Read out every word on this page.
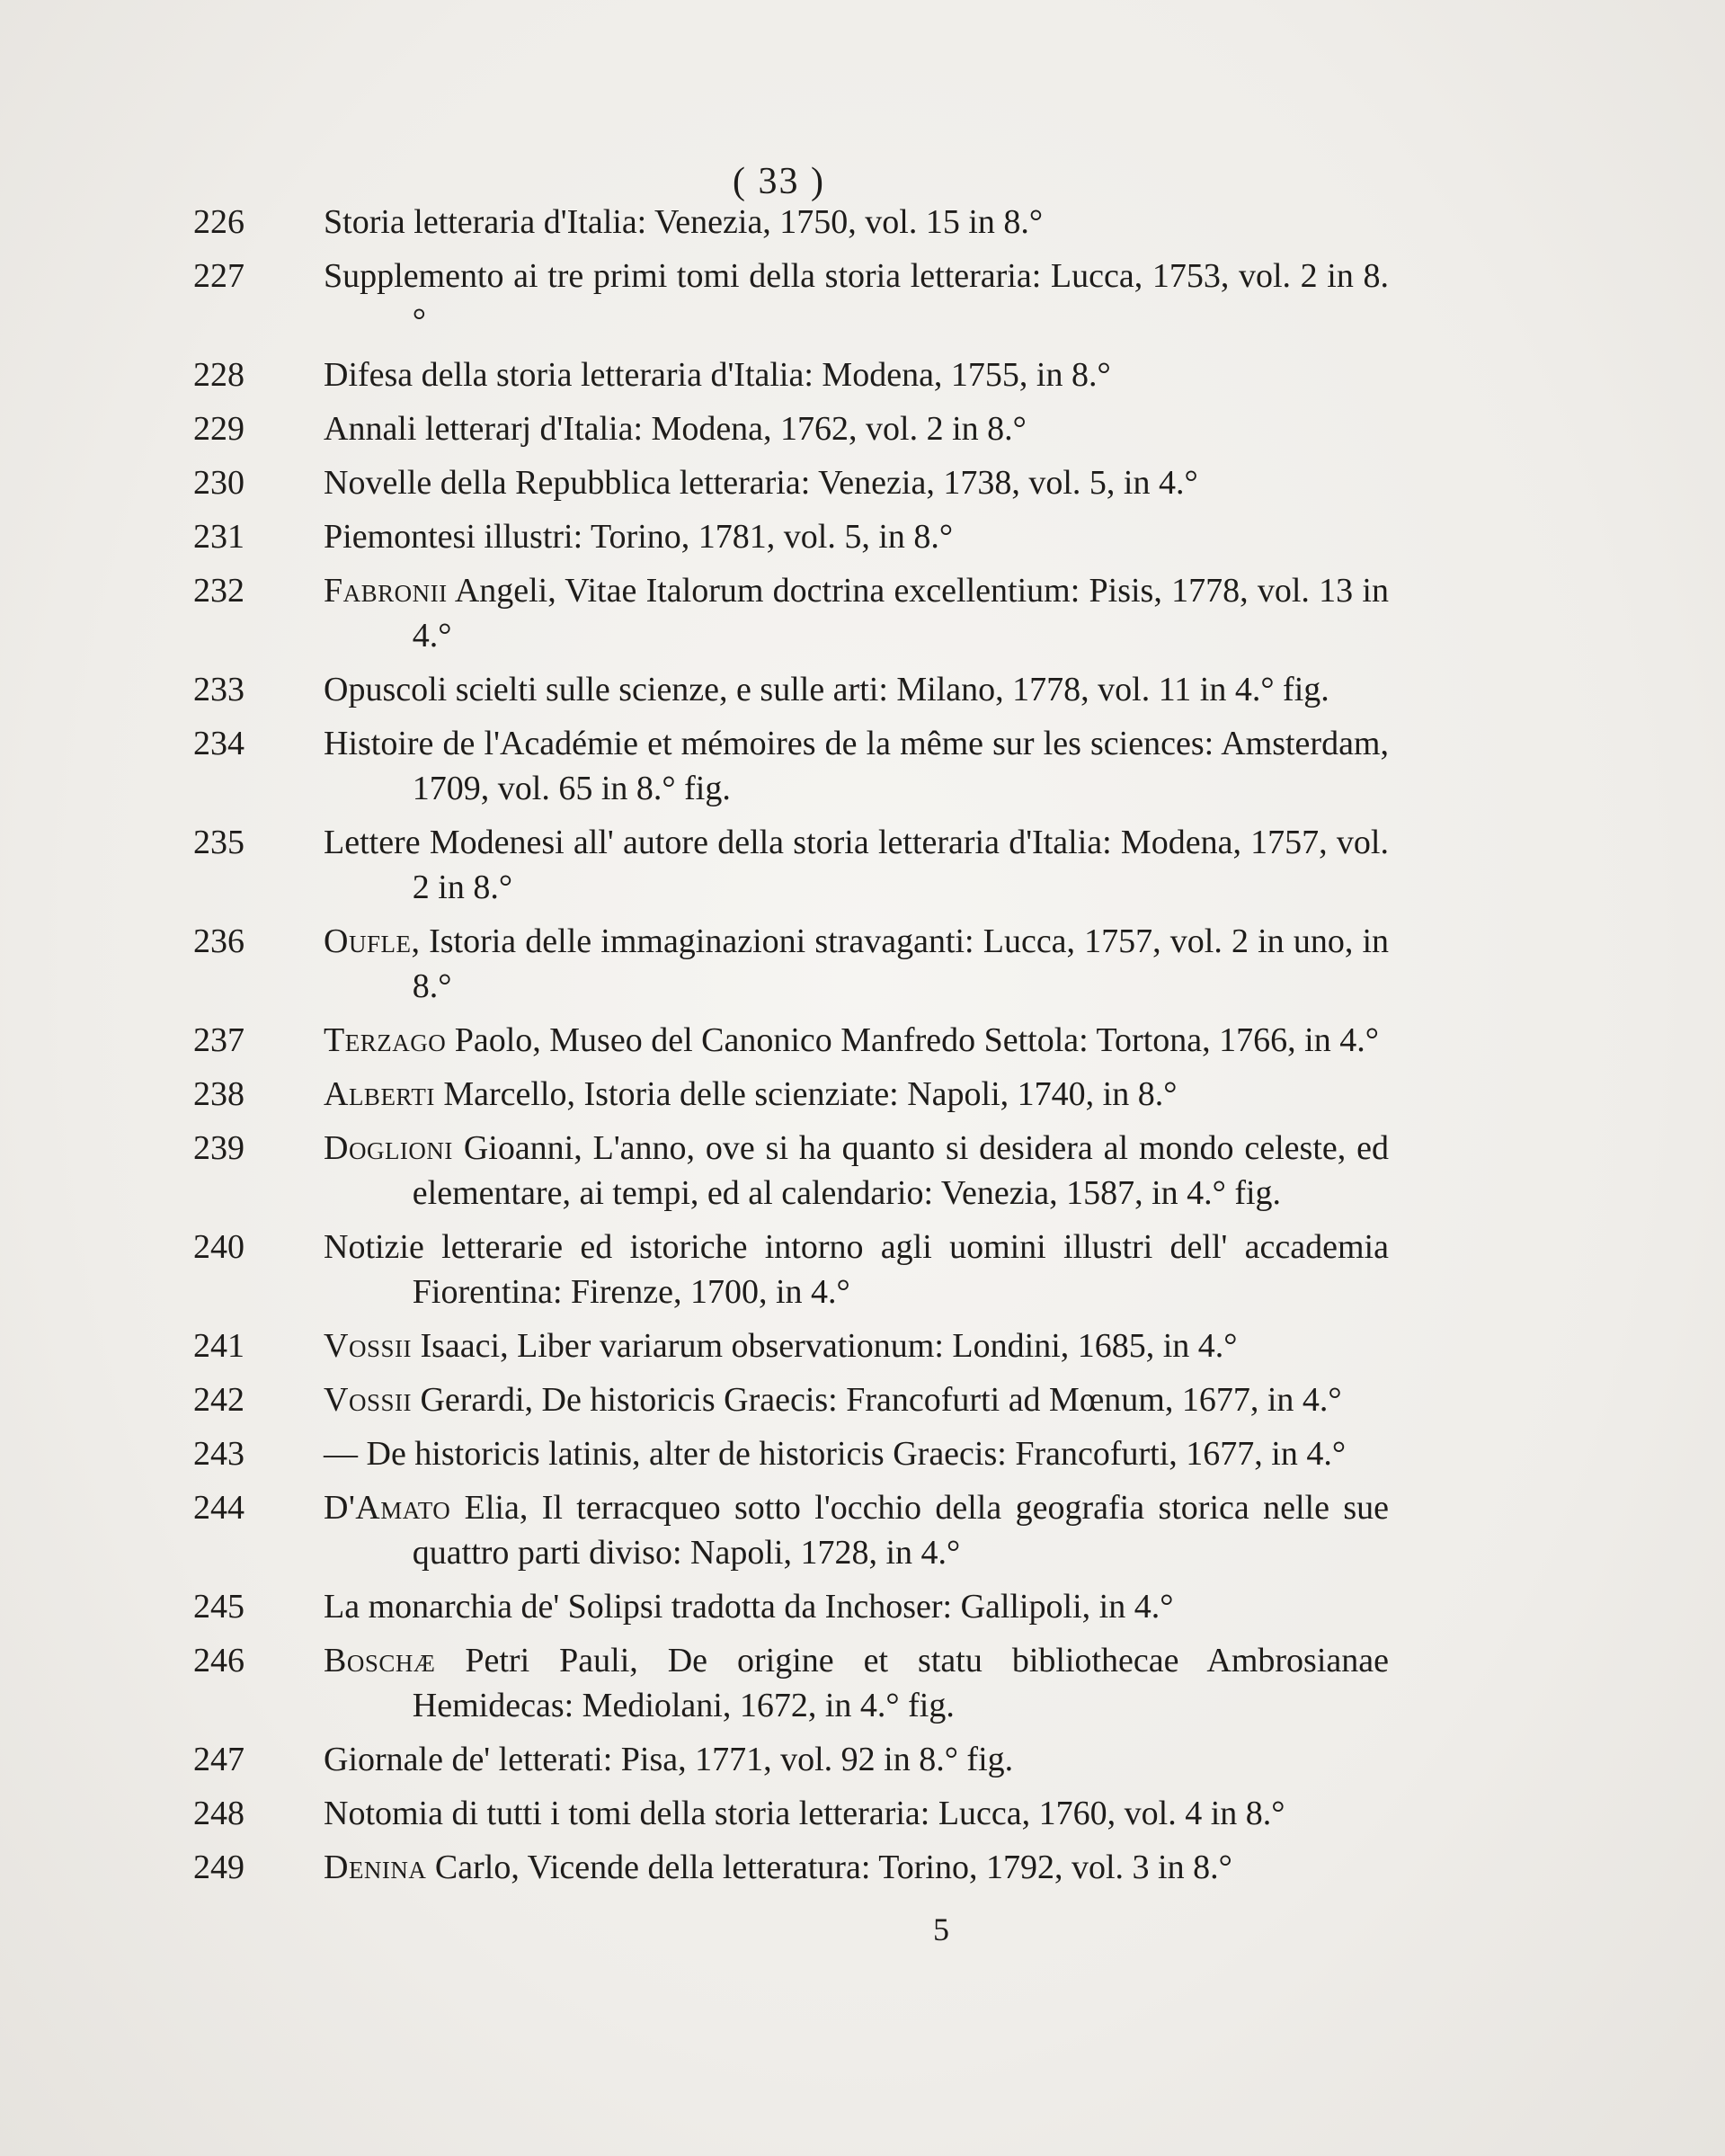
( 33 )
226	Storia letteraria d'Italia: Venezia, 1750, vol. 15 in 8.°
227	Supplemento ai tre primi tomi della storia letteraria: Lucca, 1753, vol. 2 in 8.°
228	Difesa della storia letteraria d'Italia: Modena, 1755, in 8.°
229	Annali letterarj d'Italia: Modena, 1762, vol. 2 in 8.°
230	Novelle della Repubblica letteraria: Venezia, 1738, vol. 5, in 4.°
231	Piemontesi illustri: Torino, 1781, vol. 5, in 8.°
232	Fabronii Angeli, Vitae Italorum doctrina excellentium: Pisis, 1778, vol. 13 in 4.°
233	Opuscoli scielti sulle scienze, e sulle arti: Milano, 1778, vol. 11 in 4.° fig.
234	Histoire de l'Académie et mémoires de la même sur les sciences: Amsterdam, 1709, vol. 65 in 8.° fig.
235	Lettere Modenesi all' autore della storia letteraria d'Italia: Modena, 1757, vol. 2 in 8.°
236	Oufle, Istoria delle immaginazioni stravaganti: Lucca, 1757, vol. 2 in uno, in 8.°
237	Terzago Paolo, Museo del Canonico Manfredo Settola: Tortona, 1766, in 4.°
238	Alberti Marcello, Istoria delle scienziate: Napoli, 1740, in 8.°
239	Doglioni Gioanni, L'anno, ove si ha quanto si desidera al mondo celeste, ed elementare, ai tempi, ed al calendario: Venezia, 1587, in 4.° fig.
240	Notizie letterarie ed istoriche intorno agli uomini illustri dell' accademia Fiorentina: Firenze, 1700, in 4.°
241	Vossii Isaaci, Liber variarum observationum: Londini, 1685, in 4.°
242	Vossii Gerardi, De historicis Graecis: Francofurti ad Mœnum, 1677, in 4.°
243	— De historicis latinis, alter de historicis Graecis: Francofurti, 1677, in 4.°
244	D'Amato Elia, Il terracqueo sotto l'occhio della geografia storica nelle sue quattro parti diviso: Napoli, 1728, in 4.°
245	La monarchia de' Solipsi tradotta da Inchoser: Gallipoli, in 4.°
246	Boschæ Petri Pauli, De origine et statu bibliothecae Ambrosianae Hemidecas: Mediolani, 1672, in 4.° fig.
247	Giornale de' letterati: Pisa, 1771, vol. 92 in 8.° fig.
248	Notomia di tutti i tomi della storia letteraria: Lucca, 1760, vol. 4 in 8.°
249	Denina Carlo, Vicende della letteratura: Torino, 1792, vol. 3 in 8.°
5
